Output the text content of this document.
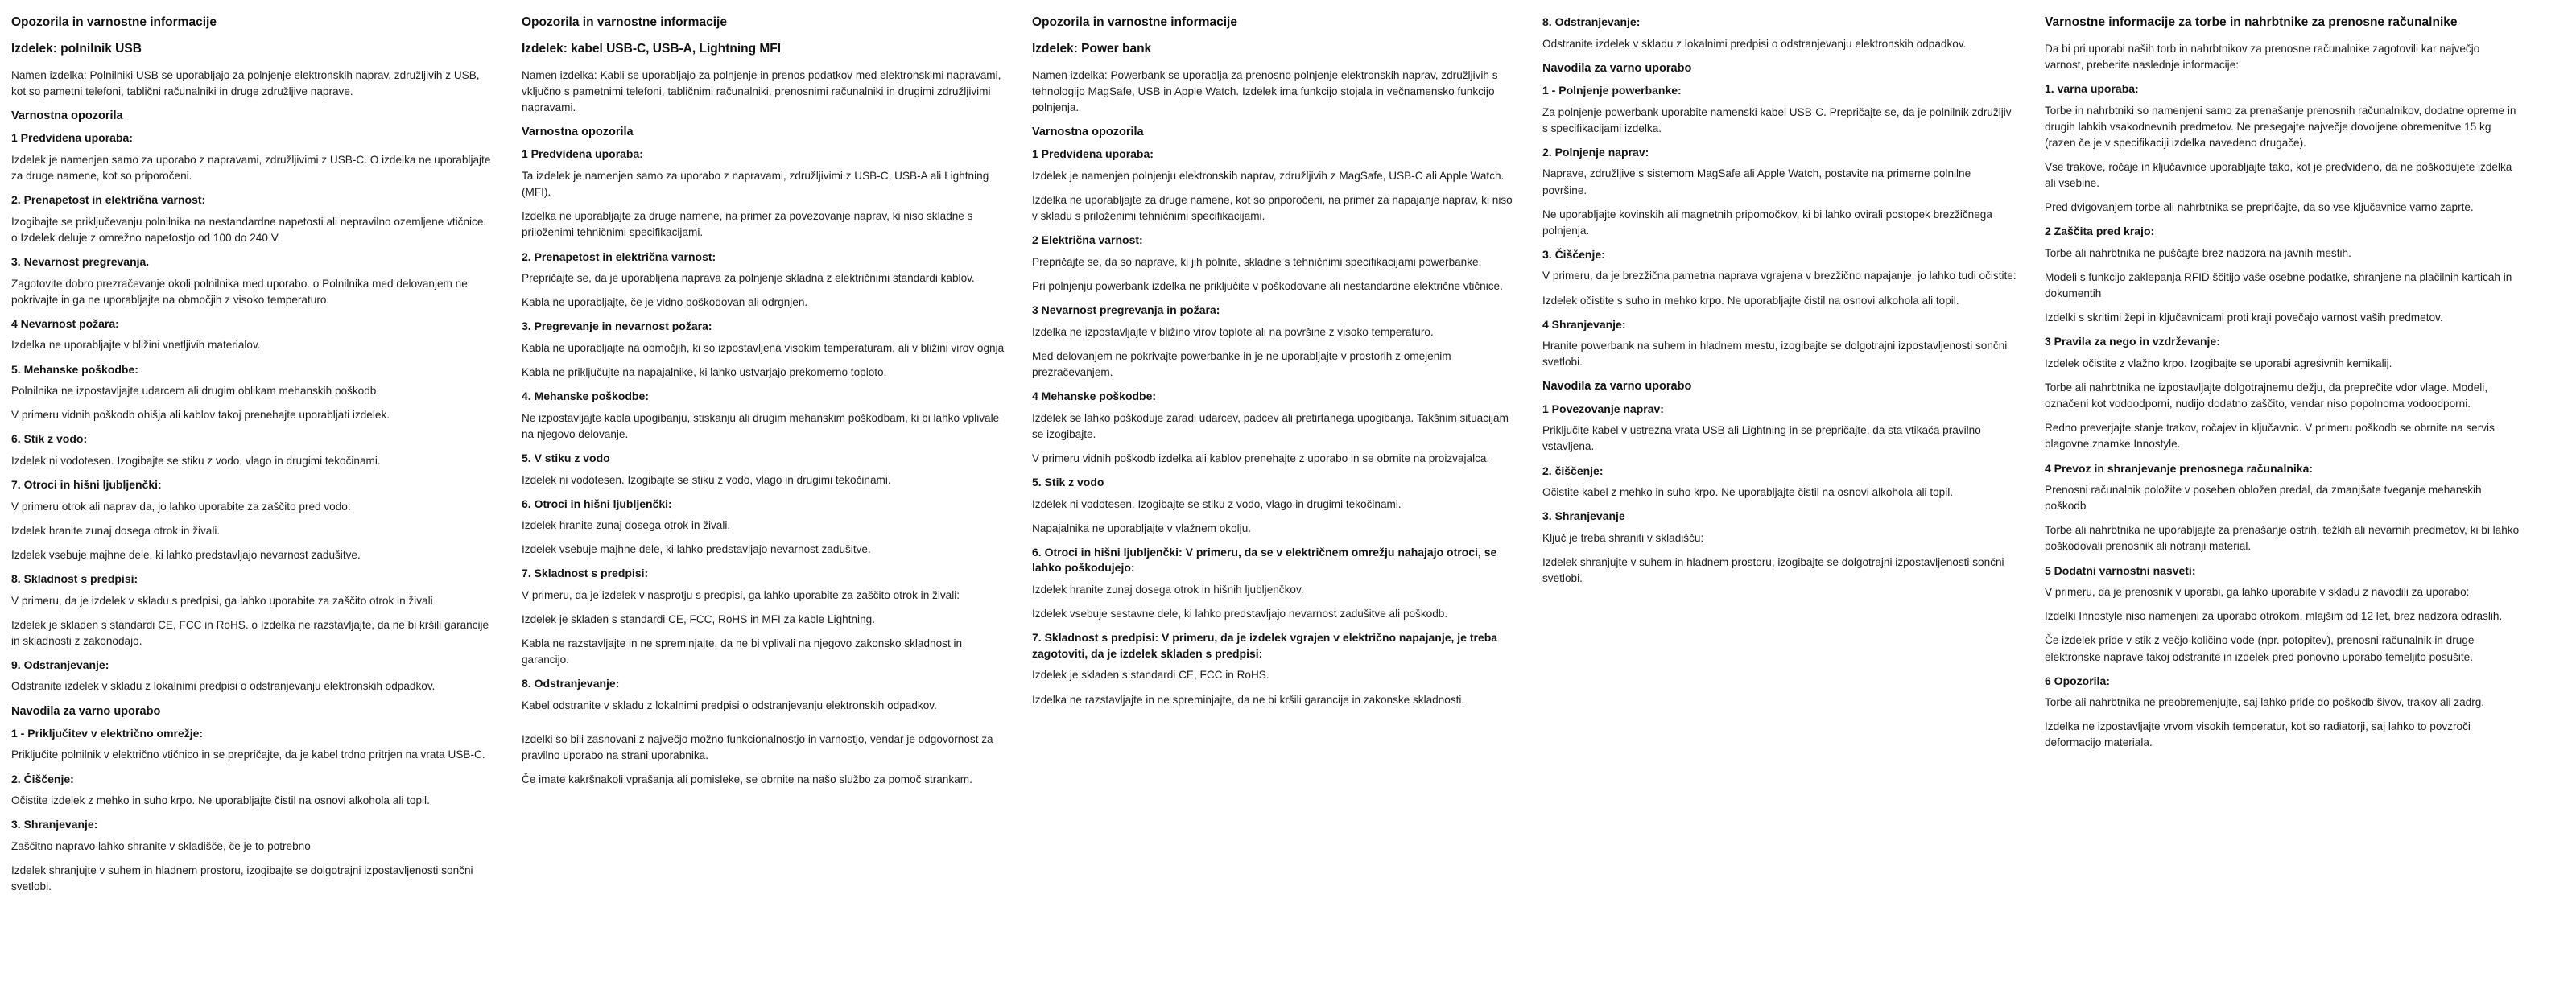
Opozorila in varnostne informacije
Izdelek: polnilnik USB

Namen izdelka: Polnilniki USB se uporabljajo za polnjenje elektronskih naprav, združljivih z USB, kot so pametni telefoni, tablični računalniki in druge združljive naprave.

Varnostna opozorila
1 Predvidena uporaba:

Izdelek je namenjen samo za uporabo z napravami, združljivimi z USB-C. O izdelka ne uporabljajte za druge namene, kot so priporočeni.

2. Prenapetost in električna varnost:

Izogibajte se priključevanju polnilnika na nestandardne napetosti ali nepravilno ozemljene vtičnice. o Izdelek deluje z omrežno napetostjo od 100 do 240 V.

3. Nevarnost pregrevanja.

Zagotovite dobro prezračevanje okoli polnilnika med uporabo. o Polnilnika med delovanjem ne pokrivajte in ga ne uporabljajte na območjih z visoko temperaturo.

4 Nevarnost požara:

Izdelka ne uporabljajte v bližini vnetljivih materialov.

5. Mehanske poškodbe:

Polnilnika ne izpostavljajte udarcem ali drugim oblikam mehanskih poškodb.

V primeru vidnih poškodb ohišja ali kablov takoj prenehajte uporabljati izdelek.

6. Stik z vodo:

Izdelek ni vodotesen. Izogibajte se stiku z vodo, vlago in drugimi tekočinami.

7. Otroci in hišni ljubljenčki:

V primeru otrok ali naprav da, jo lahko uporabite za zaščito pred vodo:

Izdelek hranite zunaj dosega otrok in živali.

Izdelek vsebuje majhne dele, ki lahko predstavljajo nevarnost zadušitve.

8. Skladnost s predpisi:

V primeru, da je izdelek v skladu s predpisi, ga lahko uporabite za zaščito otrok in živali

Izdelek je skladen s standardi CE, FCC in RoHS. o Izdelka ne razstavljajte, da ne bi kršili garancije in skladnosti z zakonodajo.

9. Odstranjevanje:

Odstranite izdelek v skladu z lokalnimi predpisi o odstranjevanju elektronskih odpadkov.

Navodila za varno uporabo
1 - Priključitev v električno omrežje:

Priključite polnilnik v električno vtičnico in se prepričajte, da je kabel trdno pritrjen na vrata USB-C.

2. Čiščenje:

Očistite izdelek z mehko in suho krpo. Ne uporabljajte čistil na osnovi alkohola ali topil.

3. Shranjevanje:

Zaščitno napravo lahko shranite v skladišče, če je to potrebno

Izdelek shranjujte v suhem in hladnem prostoru, izogibajte se dolgotrajni izpostavljenosti sončni svetlobi.

Opozorila in varnostne informacije
Izdelek: kabel USB-C, USB-A, Lightning MFI

Namen izdelka: Kabli se uporabljajo za polnjenje in prenos podatkov med elektronskimi napravami, vključno s pametnimi telefoni, tabličnimi računalniki, prenosnimi računalniki in drugimi združljivimi napravami.

Varnostna opozorila
1 Predvidena uporaba:

Ta izdelek je namenjen samo za uporabo z napravami, združljivimi z USB-C, USB-A ali Lightning (MFI).

Izdelka ne uporabljajte za druge namene, na primer za povezovanje naprav, ki niso skladne s priloženimi tehničnimi specifikacijami.

2. Prenapetost in električna varnost:

Prepričajte se, da je uporabljena naprava za polnjenje skladna z električnimi standardi kablov.

Kabla ne uporabljajte, če je vidno poškodovan ali odrgnjen.

3. Pregrevanje in nevarnost požara:

Kabla ne uporabljajte na območjih, ki so izpostavljena visokim temperaturam, ali v bližini virov ognja

Kabla ne priključujte na napajalnike, ki lahko ustvarjajo prekomerno toploto.

4. Mehanske poškodbe:

Ne izpostavljajte kabla upogibanju, stiskanju ali drugim mehanskim poškodbam, ki bi lahko vplivale na njegovo delovanje.

5. V stiku z vodo

Izdelek ni vodotesen. Izogibajte se stiku z vodo, vlago in drugimi tekočinami.

6. Otroci in hišni ljubljenčki:

Izdelek hranite zunaj dosega otrok in živali.

Izdelek vsebuje majhne dele, ki lahko predstavljajo nevarnost zadušitve.

7. Skladnost s predpisi:

V primeru, da je izdelek v nasprotju s predpisi, ga lahko uporabite za zaščito otrok in živali:

Izdelek je skladen s standardi CE, FCC, RoHS in MFI za kable Lightning.

Kabla ne razstavljajte in ne spreminjajte, da ne bi vplivali na njegovo zakonsko skladnost in garancijo.

8. Odstranjevanje:

Kabel odstranite v skladu z lokalnimi predpisi o odstranjevanju elektronskih odpadkov.

Izdelki so bili zasnovani z največjo možno funkcionalnostjo in varnostjo, vendar je odgovornost za pravilno uporabo na strani uporabnika.

Če imate kakršnakoli vprašanja ali pomisleke, se obrnite na našo službo za pomoč strankam.

Opozorila in varnostne informacije
Izdelek: Power bank

Namen izdelka: Powerbank se uporablja za prenosno polnjenje elektronskih naprav, združljivih s tehnologijo MagSafe, USB in Apple Watch. Izdelek ima funkcijo stojala in večnamensko funkcijo polnjenja.

Varnostna opozorila
1 Predvidena uporaba:

Izdelek je namenjen polnjenju elektronskih naprav, združljivih z MagSafe, USB-C ali Apple Watch.

Izdelka ne uporabljajte za druge namene, kot so priporočeni, na primer za napajanje naprav, ki niso v skladu s priloženimi tehničnimi specifikacijami.

2 Električna varnost:

Prepričajte se, da so naprave, ki jih polnite, skladne s tehničnimi specifikacijami powerbanke.

Pri polnjenju powerbank izdelka ne priključite v poškodovane ali nestandardne električne vtičnice.

3 Nevarnost pregrevanja in požara:

Izdelka ne izpostavljajte v bližino virov toplote ali na površine z visoko temperaturo.

Med delovanjem ne pokrivajte powerbanke in je ne uporabljajte v prostorih z omejenim prezračevanjem.

4 Mehanske poškodbe:

Izdelek se lahko poškoduje zaradi udarcev, padcev ali pretirtanega upogibanja. Takšnim situacijam se izogibajte.

V primeru vidnih poškodb izdelka ali kablov prenehajte z uporabo in se obrnite na proizvajalca.

5. Stik z vodo

Izdelek ni vodotesen. Izogibajte se stiku z vodo, vlago in drugimi tekočinami.

Napajalnika ne uporabljajte v vlažnem okolju.

6. Otroci in hišni ljubljenčki: V primeru, da se v električnem omrežju nahajajo otroci, se lahko poškodujejo:

Izdelek hranite zunaj dosega otrok in hišnih ljubljenčkov.

Izdelek vsebuje sestavne dele, ki lahko predstavljajo nevarnost zadušitve ali poškodb.

7. Skladnost s predpisi: V primeru, da je izdelek vgrajen v električno napajanje, je treba zagotoviti, da je izdelek skladen s predpisi:

Izdelek je skladen s standardi CE, FCC in RoHS.

Izdelka ne razstavljajte in ne spreminjajte, da ne bi kršili garancije in zakonske skladnosti.

8. Odstranjevanje:

Odstranite izdelek v skladu z lokalnimi predpisi o odstranjevanju elektronskih odpadkov.

Navodila za varno uporabo
1 - Polnjenje powerbanke:

Za polnjenje powerbank uporabite namenski kabel USB-C. Prepričajte se, da je polnilnik združljiv s specifikacijami izdelka.

2. Polnjenje naprav:

Naprave, združljive s sistemom MagSafe ali Apple Watch, postavite na primerne polnilne površine.

Ne uporabljajte kovinskih ali magnetnih pripomočkov, ki bi lahko ovirali postopek brezžičnega polnjenja.

3. Čiščenje:

V primeru, da je brezžična pametna naprava vgrajena v brezžično napajanje, jo lahko tudi očistite:

Izdelek očistite s suho in mehko krpo. Ne uporabljajte čistil na osnovi alkohola ali topil.

4 Shranjevanje:

Hranite powerbank na suhem in hladnem mestu, izogibajte se dolgotrajni izpostavljenosti sončni svetlobi.

Navodila za varno uporabo
1 Povezovanje naprav:

Priključite kabel v ustrezna vrata USB ali Lightning in se prepričajte, da sta vtikača pravilno vstavljena.

2. čiščenje:

Očistite kabel z mehko in suho krpo. Ne uporabljajte čistil na osnovi alkohola ali topil.

3. Shranjevanje

Ključ je treba shraniti v skladišču:

Izdelek shranjujte v suhem in hladnem prostoru, izogibajte se dolgotrajni izpostavljenosti sončni svetlobi.

Varnostne informacije za torbe in nahrbtnike za prenosne računalnike

Da bi pri uporabi naših torb in nahrbtnikov za prenosne računalnike zagotovili kar največjo varnost, preberite naslednje informacije:

1. varna uporaba:

Torbe in nahrbtniki so namenjeni samo za prenašanje prenosnih računalnikov, dodatne opreme in drugih lahkih vsakodnevnih predmetov. Ne presegajte največje dovoljene obremenitve 15 kg (razen če je v specifikaciji izdelka navedeno drugače).

Vse trakove, ročaje in ključavnice uporabljajte tako, kot je predvideno, da ne poškodujete izdelka ali vsebine.

Pred dvigovanjem torbe ali nahrbtnika se prepričajte, da so vse ključavnice varno zaprte.

2 Zaščita pred krajo:

Torbe ali nahrbtnika ne puščajte brez nadzora na javnih mestih.

Modeli s funkcijo zaklepanja RFID ščitijo vaše osebne podatke, shranjene na plačilnih karticah in dokumentih

Izdelki s skritimi žepi in ključavnicami proti kraji povečajo varnost vaših predmetov.

3 Pravila za nego in vzdrževanje:

Izdelek očistite z vlažno krpo. Izogibajte se uporabi agresivnih kemikalij.

Torbe ali nahrbtnika ne izpostavljajte dolgotrajnemu dežju, da preprečite vdor vlage. Modeli, označeni kot vodoodporni, nudijo dodatno zaščito, vendar niso popolnoma vodoodporni.

Redno preverjajte stanje trakov, ročajev in ključavnic. V primeru poškodb se obrnite na servis blagovne znamke Innostyle.

4 Prevoz in shranjevanje prenosnega računalnika:

Prenosni računalnik položite v poseben obložen predal, da zmanjšate tveganje mehanskih poškodb

Torbe ali nahrbtnika ne uporabljajte za prenašanje ostrih, težkih ali nevarnih predmetov, ki bi lahko poškodovali prenosnik ali notranji material.

5 Dodatni varnostni nasveti:

V primeru, da je prenosnik v uporabi, ga lahko uporabite v skladu z navodili za uporabo:

Izdelki Innostyle niso namenjeni za uporabo otrokom, mlajšim od 12 let, brez nadzora odraslih.

Če izdelek pride v stik z večjo količino vode (npr. potopitev), prenosni računalnik in druge elektronske naprave takoj odstranite in izdelek pred ponovno uporabo temeljito posušite.

6 Opozorila:

Torbe ali nahrbtnika ne preobremenjujte, saj lahko pride do poškodb šivov, trakov ali zadrg.

Izdelka ne izpostavljajte vrvom visokih temperatur, kot so radiatorji, saj lahko to povzroči deformacijo materiala.
